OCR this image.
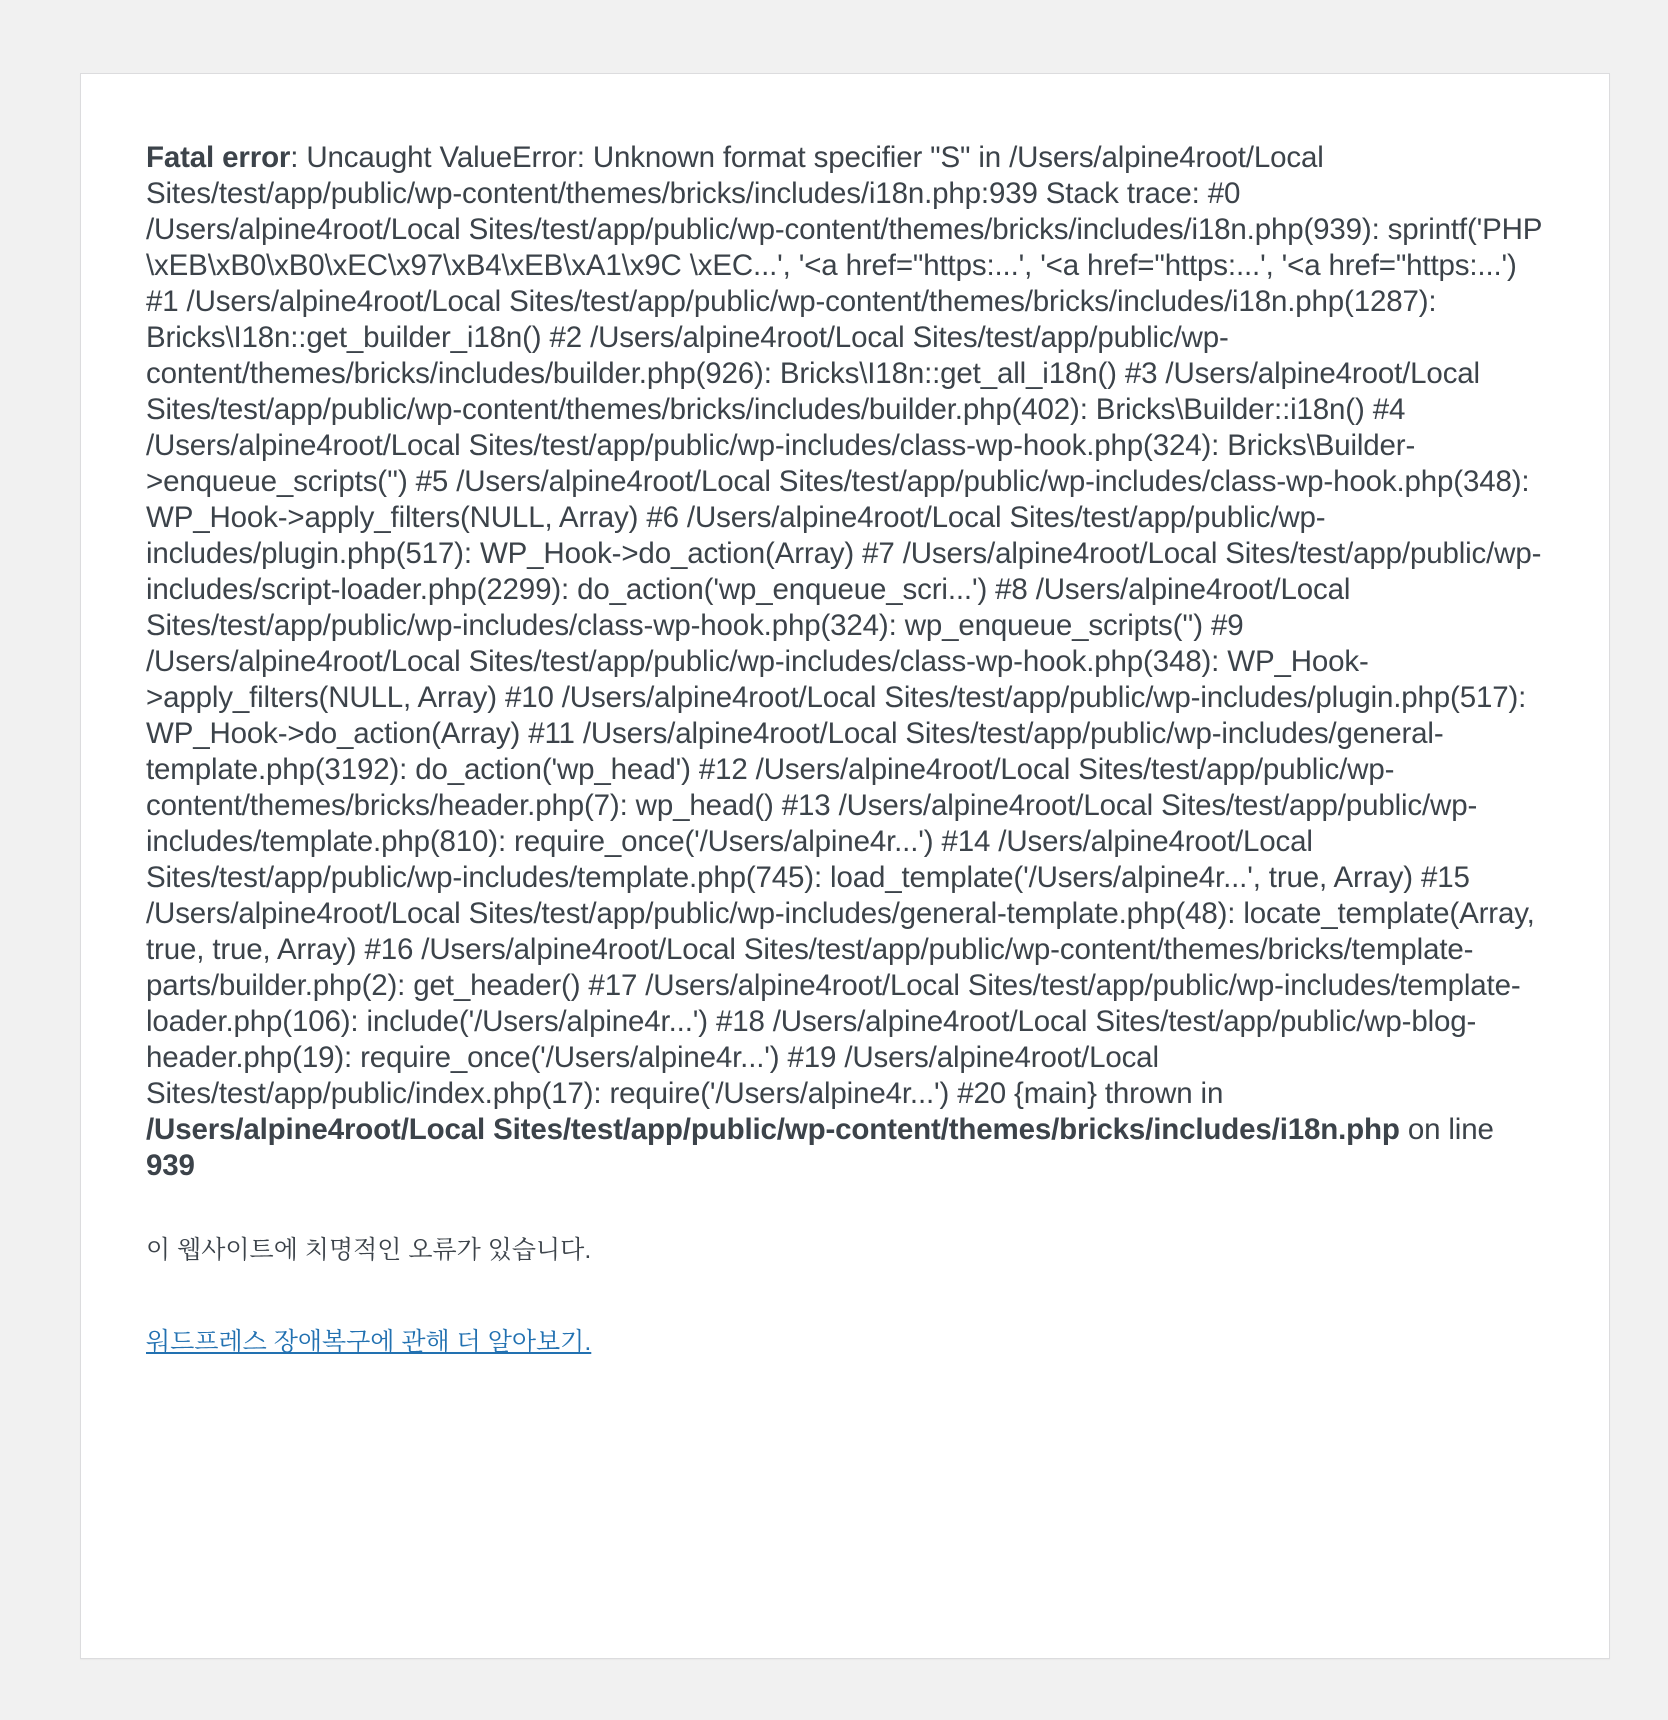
Fatal error: Uncaught ValueError: Unknown format specifier "S" in /Users/alpine4root/Local Sites/test/app/public/wp-content/themes/bricks/includes/i18n.php:939 Stack trace: #0 /Users/alpine4root/Local Sites/test/app/public/wp-content/themes/bricks/includes/i18n.php(939): sprintf('PHP \xEB\xB0\xB0\xEC\x97\xB4\xEB\xA1\x9C \xEC...', '<a href="https:...', '<a href="https:...', '<a href="https:...') #1 /Users/alpine4root/Local Sites/test/app/public/wp-content/themes/bricks/includes/i18n.php(1287): Bricks\I18n::get_builder_i18n() #2 /Users/alpine4root/Local Sites/test/app/public/wp-content/themes/bricks/includes/builder.php(926): Bricks\I18n::get_all_i18n() #3 /Users/alpine4root/Local Sites/test/app/public/wp-content/themes/bricks/includes/builder.php(402): Bricks\Builder::i18n() #4 /Users/alpine4root/Local Sites/test/app/public/wp-includes/class-wp-hook.php(324): Bricks\Builder->enqueue_scripts('') #5 /Users/alpine4root/Local Sites/test/app/public/wp-includes/class-wp-hook.php(348): WP_Hook->apply_filters(NULL, Array) #6 /Users/alpine4root/Local Sites/test/app/public/wp-includes/plugin.php(517): WP_Hook->do_action(Array) #7 /Users/alpine4root/Local Sites/test/app/public/wp-includes/script-loader.php(2299): do_action('wp_enqueue_scri...') #8 /Users/alpine4root/Local Sites/test/app/public/wp-includes/class-wp-hook.php(324): wp_enqueue_scripts('') #9 /Users/alpine4root/Local Sites/test/app/public/wp-includes/class-wp-hook.php(348): WP_Hook->apply_filters(NULL, Array) #10 /Users/alpine4root/Local Sites/test/app/public/wp-includes/plugin.php(517): WP_Hook->do_action(Array) #11 /Users/alpine4root/Local Sites/test/app/public/wp-includes/general-template.php(3192): do_action('wp_head') #12 /Users/alpine4root/Local Sites/test/app/public/wp-content/themes/bricks/header.php(7): wp_head() #13 /Users/alpine4root/Local Sites/test/app/public/wp-includes/template.php(810): require_once('/Users/alpine4r...') #14 /Users/alpine4root/Local Sites/test/app/public/wp-includes/template.php(745): load_template('/Users/alpine4r...', true, Array) #15 /Users/alpine4root/Local Sites/test/app/public/wp-includes/general-template.php(48): locate_template(Array, true, true, Array) #16 /Users/alpine4root/Local Sites/test/app/public/wp-content/themes/bricks/template-parts/builder.php(2): get_header() #17 /Users/alpine4root/Local Sites/test/app/public/wp-includes/template-loader.php(106): include('/Users/alpine4r...') #18 /Users/alpine4root/Local Sites/test/app/public/wp-blog-header.php(19): require_once('/Users/alpine4r...') #19 /Users/alpine4root/Local Sites/test/app/public/index.php(17): require('/Users/alpine4r...') #20 {main} thrown in /Users/alpine4root/Local Sites/test/app/public/wp-content/themes/bricks/includes/i18n.php on line 939

이 웹사이트에 치명적인 오류가 있습니다.

워드프레스 장애복구에 관해 더 알아보기.
